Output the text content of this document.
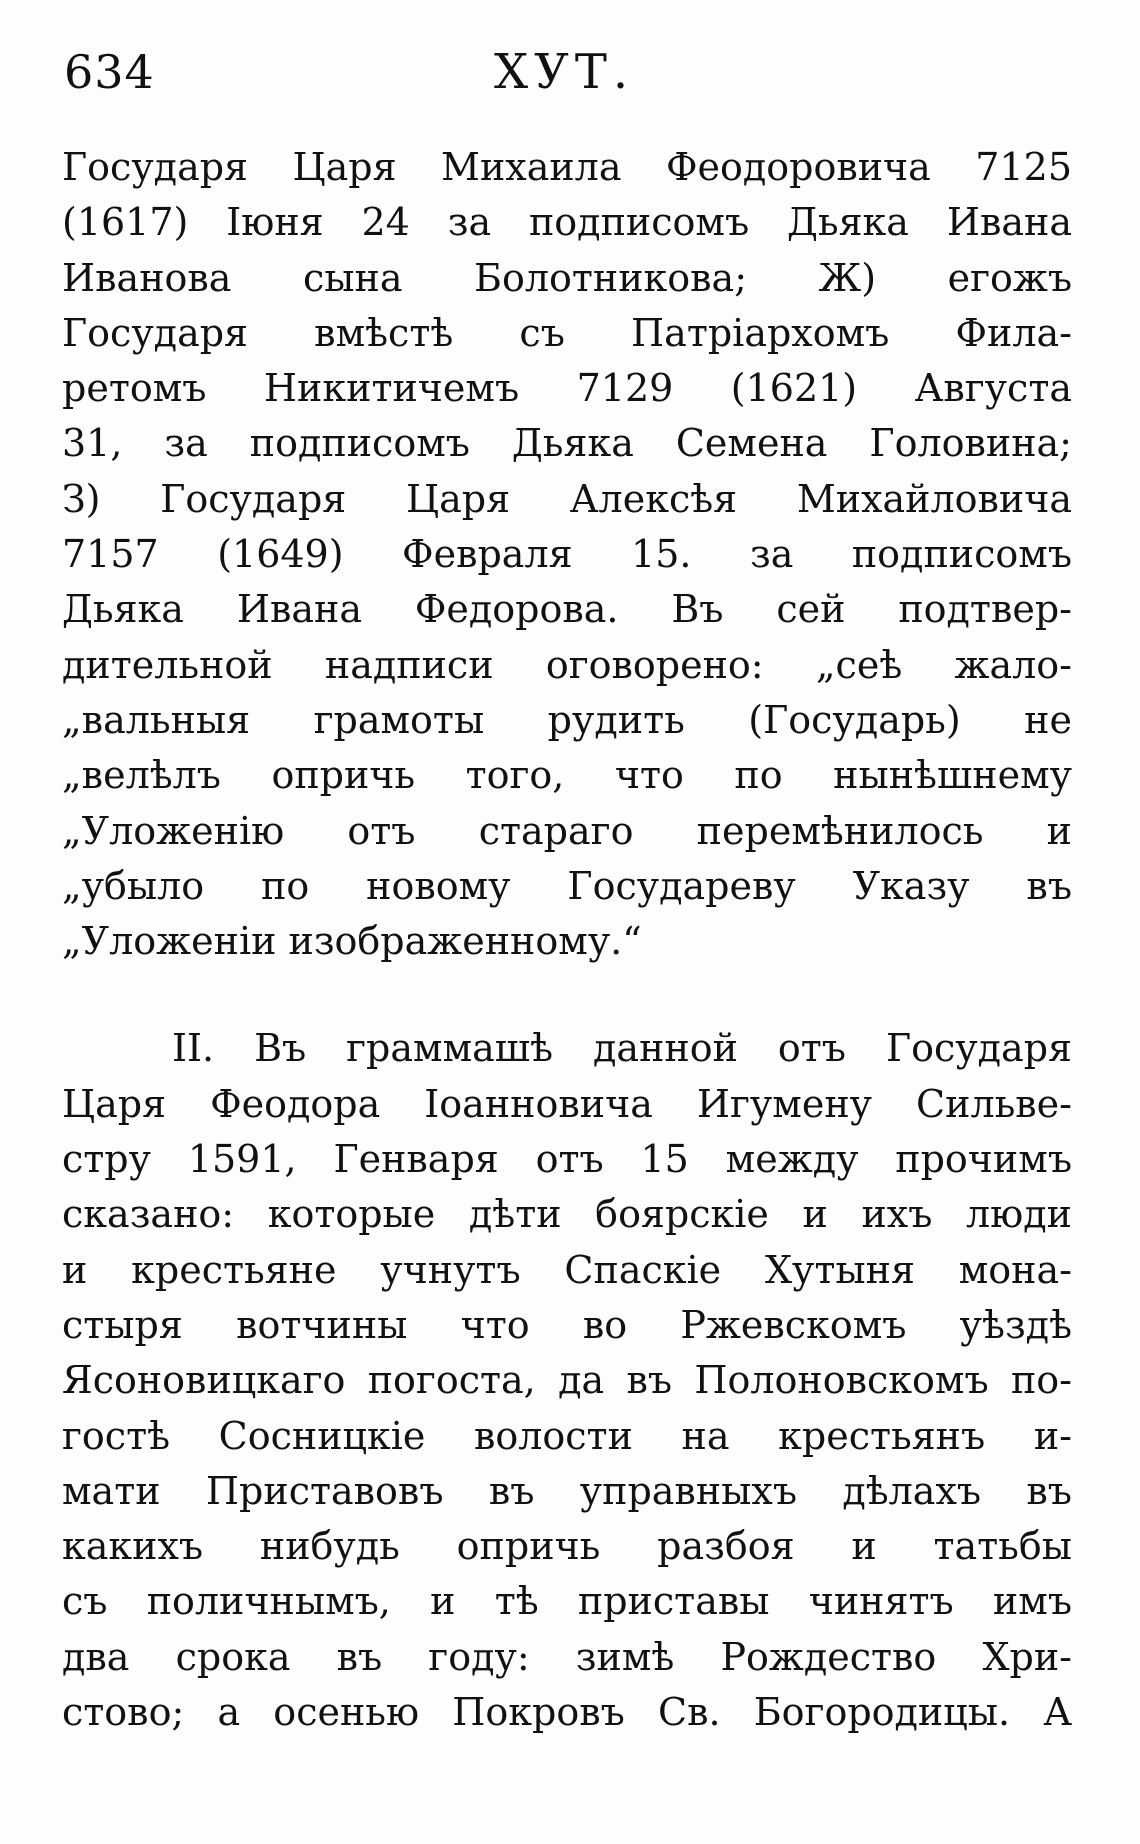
634	ХУТ.
Государя Царя Михаила Феодоровича 7125
(1617) Іюня 24 за подписомъ Дьяка Ивана
Иванова сына Болотникова; Ж) егожъ
Государя вмѣстѣ съ Патріархомъ Фила-
ретомъ Никитичемъ 7129 (1621) Августа
31, за подписомъ Дьяка Семена Головина;
З) Государя Царя Алексѣя Михайловича
7157 (1649) Февраля 15. за подписомъ
Дьяка Ивана Федорова. Въ сей подтвер-
дительной надписи оговорено: „сеѣ жало-
„вальныя грамоты рудить (Государь) не
„велѣлъ опричь того, что по нынѣшнему
„Уложенію отъ стараго перемѣнилось и
„убыло по новому Государеву Указу въ
„Уложеніи изображенному.“
II. Въ граммашѣ данной отъ Государя
Царя Феодора Іоанновича Игумену Сильве-
стру 1591, Генваря отъ 15 между прочимъ
сказано: которые дѣти боярскіе и ихъ люди
и крестьяне учнутъ Спаскіе Хутыня мона-
стыря вотчины что во Ржевскомъ уѣздѣ
Ясоновицкаго погоста, да въ Полоновскомъ по-
гостѣ Сосницкіе волости на крестьянъ и-
мати Приставовъ въ управныхъ дѣлахъ въ
какихъ нибудь опричь разбоя и татьбы
съ поличнымъ, и тѣ приставы чинятъ имъ
два срока въ году: зимѣ Рождество Хри-
стово; а осенью Покровъ Св. Богородицы. А
